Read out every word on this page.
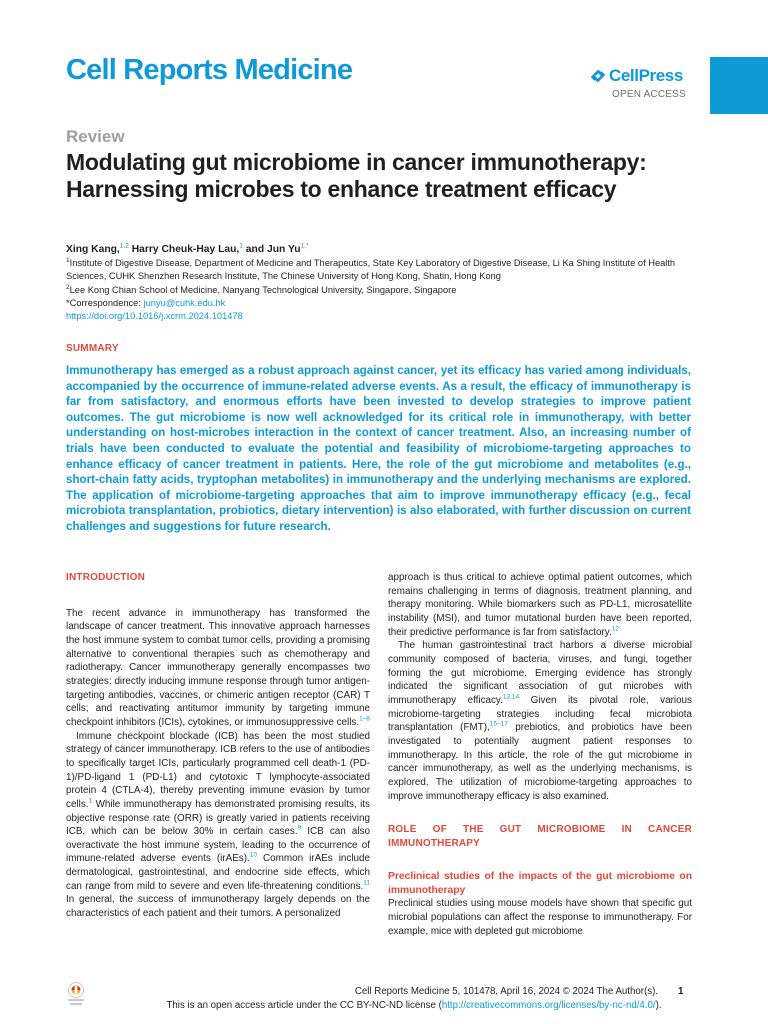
Cell Reports Medicine	CellPress
OPEN ACCESS
Review
Modulating gut microbiome in cancer immunotherapy: Harnessing microbes to enhance treatment efficacy
Xing Kang,$^{1,2}$ Harry Cheuk-Hay Lau,$^1$ and Jun $Yu^{1,*}$
$^1$Institute of Digestive Disease, Department of Medicine and Therapeutics, State Key Laboratory of Digestive Disease, Li Ka Shing Institute of Health Sciences, CUHK Shenzhen Research Institute, The Chinese University of Hong Kong, Shatin, Hong Kong
$^2$Lee Kong Chian School of Medicine, Nanyang Technological University, Singapore, Singapore
*Correspondence: junyu@cuhk.edu.hk
https://doi.org/10.1016/j.xcrm.2024.101478
SUMMARY

Immunotherapy has emerged as a robust approach against cancer, yet its efficacy has varied among individuals, accompanied by the occurrence of immune-related adverse events. As a result, the efficacy of immunotherapy is far from satisfactory, and enormous efforts have been invested to develop strategies to improve patient outcomes. The gut microbiome is now well acknowledged for its critical role in immunotherapy, with better understanding on host-microbes interaction in the context of cancer treatment. Also, an increasing number of trials have been conducted to evaluate the potential and feasibility of microbiome-targeting approaches to enhance efficacy of cancer treatment in patients. Here, the role of the gut microbiome and metabolites (e.g., short-chain fatty acids, tryptophan metabolites) in immunotherapy and the underlying mechanisms are explored. The application of microbiome-targeting approaches that aim to improve immunotherapy efficacy (e.g., fecal microbiota transplantation, probiotics, dietary intervention) is also elaborated, with further discussion on current challenges and suggestions for future research.

INTRODUCTION

The recent advance in immunotherapy has transformed the landscape of cancer treatment. This innovative approach harnesses the host immune system to combat tumor cells, providing a promising alternative to conventional therapies such as chemotherapy and radiotherapy. Cancer immunotherapy generally encompasses two strategies: directly inducing immune response through tumor antigen-targeting antibodies, vaccines, or chimeric antigen receptor (CAR) T cells; and reactivating antitumor immunity by targeting immune checkpoint inhibitors (ICIs), cytokines, or immunosuppressive cells.$^{1-8}$

Immune checkpoint blockade (ICB) has been the most studied strategy of cancer immunotherapy. ICB refers to the use of antibodies to specifically target ICIs, particularly programmed cell death-1 (PD-1)/PD-ligand 1 (PD-L1) and cytotoxic T lymphocyte-associated protein 4 (CTLA-4), thereby preventing immune evasion by tumor cells.$^1$ While immunotherapy has demonstrated promising results, its objective response rate (ORR) is greatly varied in patients receiving ICB, which can be below 30% in certain cases.$^9$ ICB can also overactivate the host immune system, leading to the occurrence of immune-related adverse events (irAEs).$^{10}$ Common irAEs include dermatological, gastrointestinal, and endocrine side effects, which can range from mild to severe and even life-threatening conditions.$^{11}$ In general, the success of immunotherapy largely depends on the characteristics of each patient and their tumors. A personalized

approach is thus critical to achieve optimal patient outcomes, which remains challenging in terms of diagnosis, treatment planning, and therapy monitoring. While biomarkers such as PD-L1, microsatellite instability (MSI), and tumor mutational burden have been reported, their predictive performance is far from satisfactory.$^{12}$

The human gastrointestinal tract harbors a diverse microbial community composed of bacteria, viruses, and fungi, together forming the gut microbiome. Emerging evidence has strongly indicated the significant association of gut microbes with immunotherapy efficacy.$^{13,14}$ Given its pivotal role, various microbiome-targeting strategies including fecal microbiota transplantation (FMT),$^{15-17}$ prebiotics, and probiotics have been investigated to potentially augment patient responses to immunotherapy. In this article, the role of the gut microbiome in cancer immunotherapy, as well as the underlying mechanisms, is explored. The utilization of microbiome-targeting approaches to improve immunotherapy efficacy is also examined.

ROLE OF THE GUT MICROBIOME IN CANCER IMMUNOTHERAPY

Preclinical studies of the impacts of the gut microbiome on immunotherapy

Preclinical studies using mouse models have shown that specific gut microbial populations can affect the response to immunotherapy. For example, mice with depleted gut microbiome

Cell Reports Medicine 5, 101478, April 16, 2024 © 2024 The Author(s). 1
This is an open access article under the CC BY-NC-ND license (http://creativecommons.org/licenses/by-nc-nd/4.0/).
